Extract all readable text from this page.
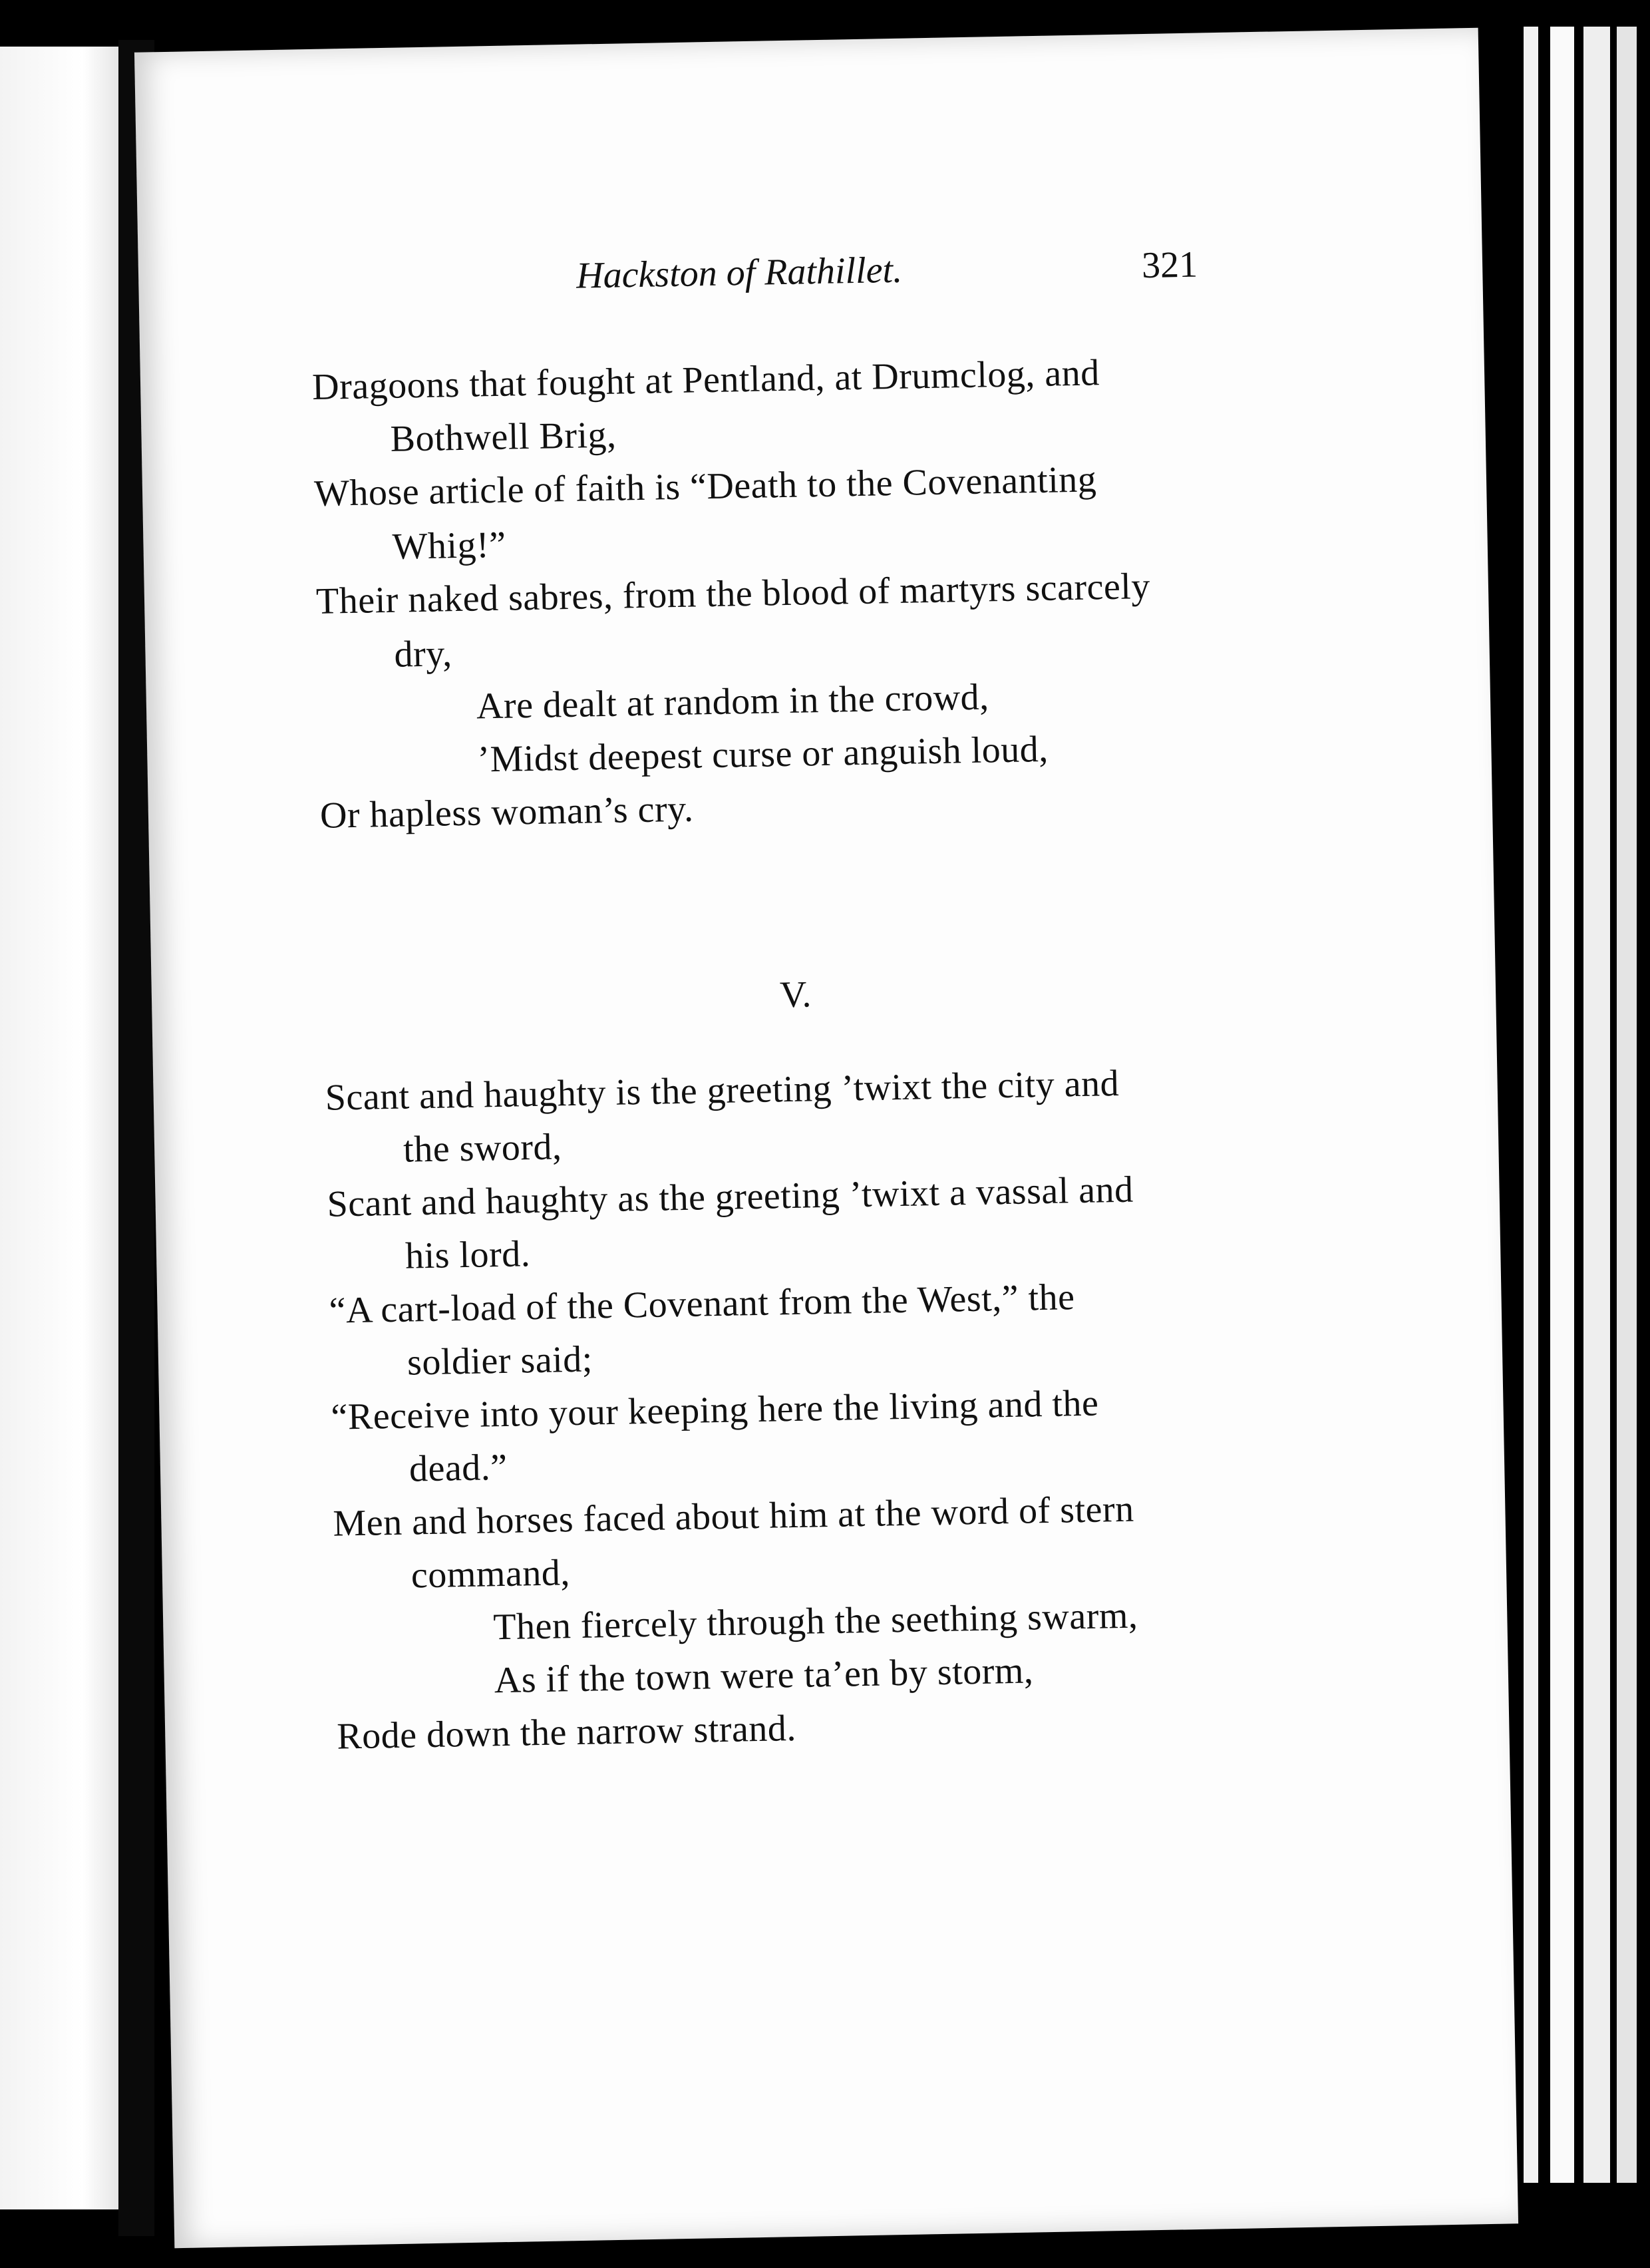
Hackston of Rathillet.	321
Dragoons that fought at Pentland, at Drumclog, and
Bothwell Brig,
Whose article of faith is “Death to the Covenanting
Whig!”
Their naked sabres, from the blood of martyrs scarcely
dry,
Are dealt at random in the crowd,
’Midst deepest curse or anguish loud,
Or hapless woman’s cry.
V.
Scant and haughty is the greeting ’twixt the city and
the sword,
Scant and haughty as the greeting ’twixt a vassal and
his lord.
“A cart-load of the Covenant from the West,” the
soldier said;
“Receive into your keeping here the living and the
dead.”
Men and horses faced about him at the word of stern
command,
Then fiercely through the seething swarm,
As if the town were ta’en by storm,
Rode down the narrow strand.
